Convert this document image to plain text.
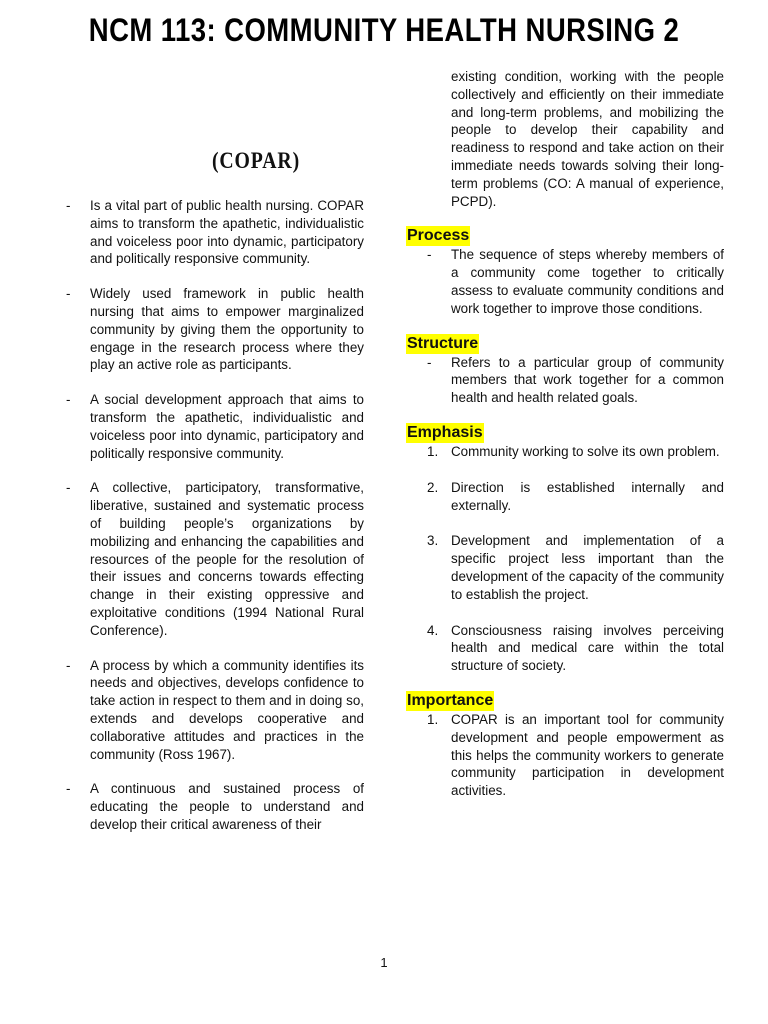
NCM 113: COMMUNITY HEALTH NURSING 2
(COPAR)
-	Is a vital part of public health nursing. COPAR aims to transform the apathetic, individualistic and voiceless poor into dynamic, participatory and politically responsive community.
-	Widely used framework in public health nursing that aims to empower marginalized community by giving them the opportunity to engage in the research process where they play an active role as participants.
-	A social development approach that aims to transform the apathetic, individualistic and voiceless poor into dynamic, participatory and politically responsive community.
-	A collective, participatory, transformative, liberative, sustained and systematic process of building people’s organizations by mobilizing and enhancing the capabilities and resources of the people for the resolution of their issues and concerns towards effecting change in their existing oppressive and exploitative conditions (1994 National Rural Conference).
-	A process by which a community identifies its needs and objectives, develops confidence to take action in respect to them and in doing so, extends and develops cooperative and collaborative attitudes and practices in the community (Ross 1967).
-	A continuous and sustained process of educating the people to understand and develop their critical awareness of their
existing condition, working with the people collectively and efficiently on their immediate and long-term problems, and mobilizing the people to develop their capability and readiness to respond and take action on their immediate needs towards solving their long-term problems (CO: A manual of experience, PCPD).
Process
-	The sequence of steps whereby members of a community come together to critically assess to evaluate community conditions and work together to improve those conditions.
Structure
-	Refers to a particular group of community members that work together for a common health and health related goals.
Emphasis
1. Community working to solve its own problem.
2. Direction is established internally and externally.
3. Development and implementation of a specific project less important than the development of the capacity of the community to establish the project.
4. Consciousness raising involves perceiving health and medical care within the total structure of society.
Importance
1. COPAR is an important tool for community development and people empowerment as this helps the community workers to generate community participation in development activities.
1
